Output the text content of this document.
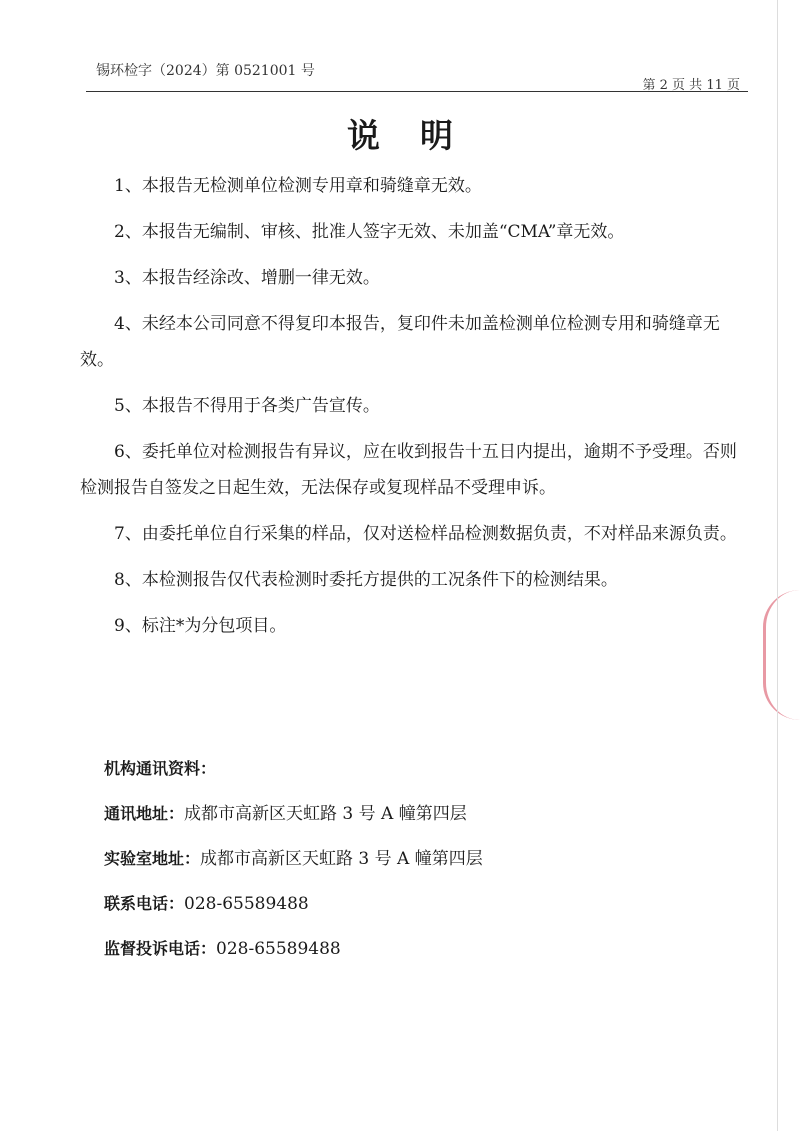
锡环检字（2024）第 0521001 号
第 2 页 共 11 页
说明

1、本报告无检测单位检测专用章和骑缝章无效。

2、本报告无编制、审核、批准人签字无效、未加盖“CMA”章无效。

3、本报告经涂改、增删一律无效。

4、未经本公司同意不得复印本报告，复印件未加盖检测单位检测专用和骑缝章无效。

5、本报告不得用于各类广告宣传。

6、委托单位对检测报告有异议，应在收到报告十五日内提出，逾期不予受理。否则检测报告自签发之日起生效，无法保存或复现样品不受理申诉。

7、由委托单位自行采集的样品，仅对送检样品检测数据负责，不对样品来源负责。

8、本检测报告仅代表检测时委托方提供的工况条件下的检测结果。

9、标注*为分包项目。

机构通讯资料：
通讯地址：成都市高新区天虹路 3 号 A 幢第四层
实验室地址：成都市高新区天虹路 3 号 A 幢第四层
联系电话：028-65589488
监督投诉电话：028-65589488
